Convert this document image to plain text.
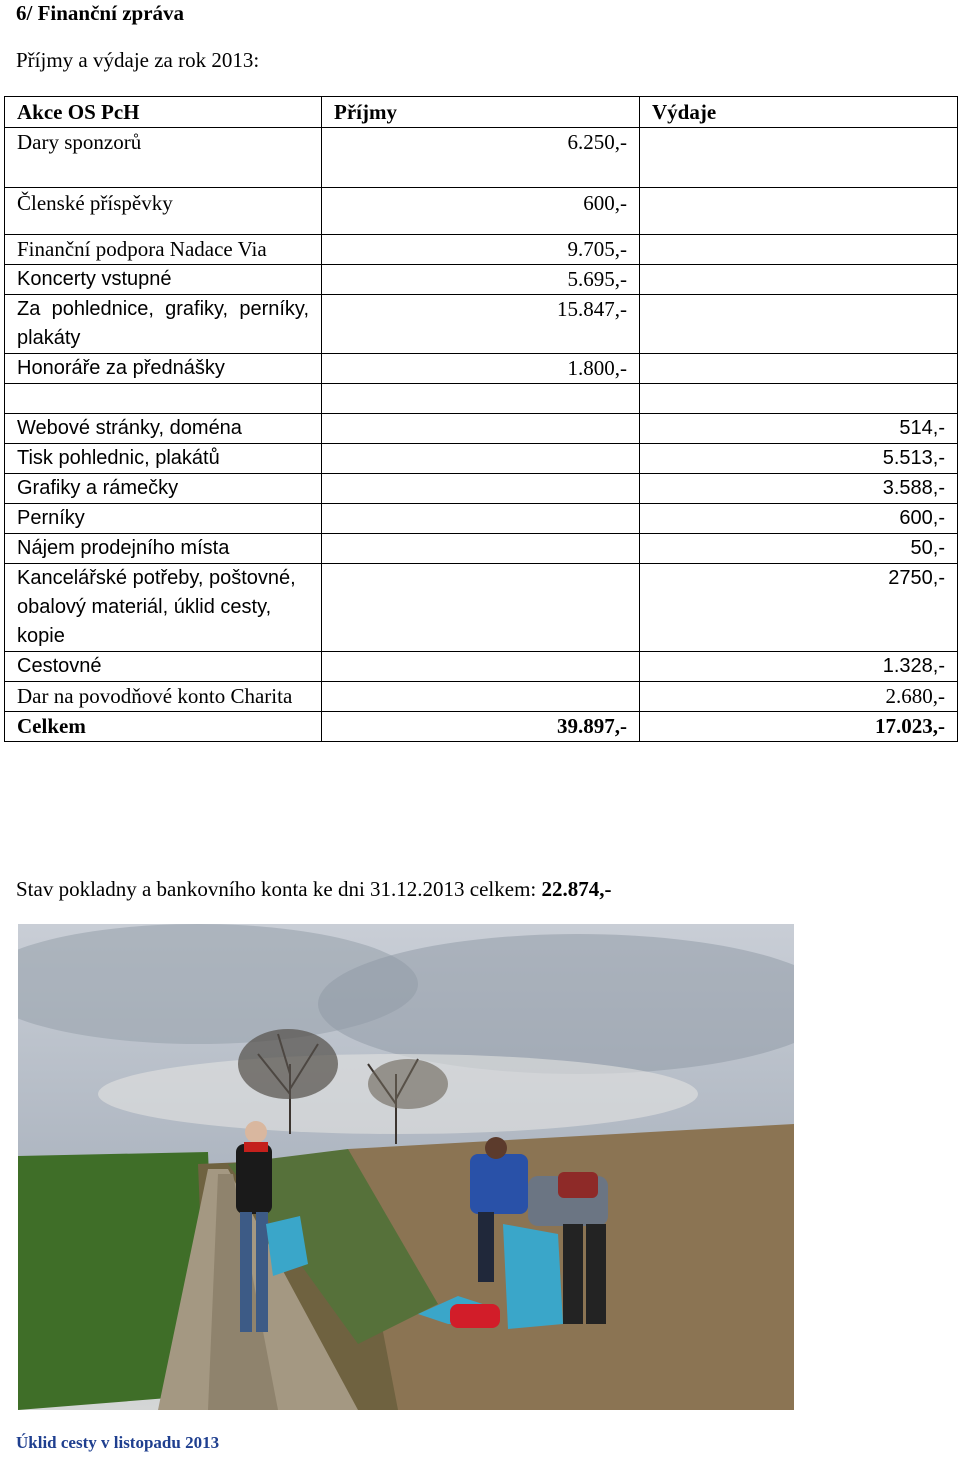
6/ Finanční zpráva
Příjmy a výdaje za rok 2013:
Akce OS PcH	Příjmy	Výdaje
Dary sponzorů	6.250,-	
Členské příspěvky	600,-	
Finanční podpora Nadace Via	9.705,-	
Koncerty vstupné	5.695,-	
Za pohlednice, grafiky, perníky, plakáty	15.847,-	
Honoráře za přednášky	1.800,-	

Webové stránky, doména		514,-
Tisk pohlednic, plakátů		5.513,-
Grafiky a rámečky		3.588,-
Perníky		600,-
Nájem prodejního místa		50,-
Kancelářské potřeby, poštovné, obalový materiál, úklid cesty, kopie		2750,-
Cestovné		1.328,-
Dar na povodňové konto Charita		2.680,-
Celkem	39.897,-	17.023,-
Stav pokladny a bankovního konta ke dni 31.12.2013 celkem: 22.874,-
Úklid cesty v listopadu 2013
